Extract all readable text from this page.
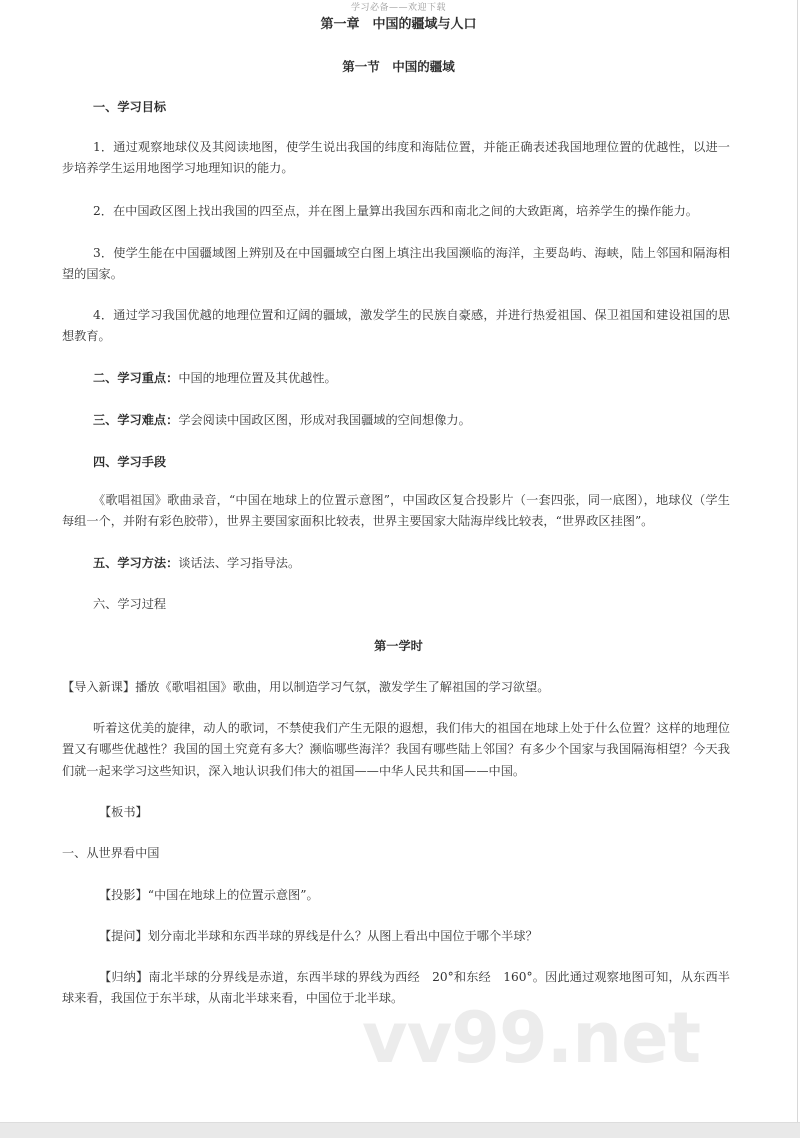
学习必备——欢迎下载
第一章　中国的疆域与人口
第一节　中国的疆域
一、学习目标
1．通过观察地球仪及其阅读地图，使学生说出我国的纬度和海陆位置，并能正确表述我国地理位置的优越性，以进一步培养学生运用地图学习地理知识的能力。
2．在中国政区图上找出我国的四至点，并在图上量算出我国东西和南北之间的大致距离，培养学生的操作能力。
3．使学生能在中国疆域图上辨别及在中国疆域空白图上填注出我国濒临的海洋，主要岛屿、海峡，陆上邻国和隔海相望的国家。
4．通过学习我国优越的地理位置和辽阔的疆域，激发学生的民族自豪感，并进行热爱祖国、保卫祖国和建设祖国的思想教育。
二、学习重点：中国的地理位置及其优越性。
三、学习难点：学会阅读中国政区图，形成对我国疆域的空间想像力。
四、学习手段
《歌唱祖国》歌曲录音，“中国在地球上的位置示意图”，中国政区复合投影片（一套四张，同一底图），地球仪（学生每组一个，并附有彩色胶带），世界主要国家面积比较表，世界主要国家大陆海岸线比较表，“世界政区挂图”。
五、学习方法：谈话法、学习指导法。
六、学习过程
第一学时
【导入新课】播放《歌唱祖国》歌曲，用以制造学习气氛，激发学生了解祖国的学习欲望。
听着这优美的旋律，动人的歌词，不禁使我们产生无限的遐想，我们伟大的祖国在地球上处于什么位置？这样的地理位置又有哪些优越性？我国的国土究竟有多大？濒临哪些海洋？我国有哪些陆上邻国？有多少个国家与我国隔海相望？今天我们就一起来学习这些知识，深入地认识我们伟大的祖国——中华人民共和国——中国。
【板书】
一、从世界看中国
【投影】“中国在地球上的位置示意图”。
【提问】划分南北半球和东西半球的界线是什么？从图上看出中国位于哪个半球？
【归纳】南北半球的分界线是赤道，东西半球的界线为西经　20°和东经　160°。因此通过观察地图可知，从东西半球来看，我国位于东半球，从南北半球来看，中国位于北半球。
vv99.net
